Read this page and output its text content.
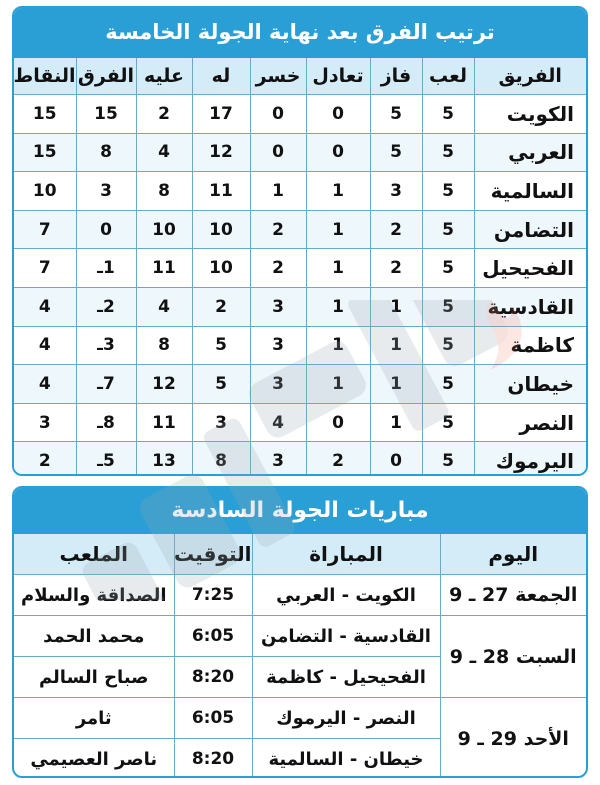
ترتيب الفرق بعد نهاية الجولة الخامسة
الفريق	لعب	فاز	تعادل	خسر	له	عليه	الفرق	النقاط
الكويت	5	5	0	0	17	2	15	15
العربي	5	5	0	0	12	4	8	15
السالمية	5	3	1	1	11	8	3	10
التضامن	5	2	1	2	10	10	0	7
الفحيحيل	5	2	1	2	10	11	1ـ	7
القادسية	5	1	1	3	2	4	2ـ	4
كاظمة	5	1	1	3	5	8	3ـ	4
خيطان	5	1	1	3	5	12	7ـ	4
النصر	5	1	0	4	3	11	8ـ	3
اليرموك	5	0	2	3	8	13	5ـ	2
مباريات الجولة السادسة
اليوم	المباراة	التوقيت	الملعب
الجمعة 27 ـ 9	الكويت - العربي	7:25	الصداقة والسلام
السبت 28 ـ 9	القادسية - التضامن	6:05	محمد الحمد
	الفحيحيل - كاظمة	8:20	صباح السالم
الأحد 29 ـ 9	النصر - اليرموك	6:05	ثامر
	خيطان - السالمية	8:20	ناصر العصيمي
